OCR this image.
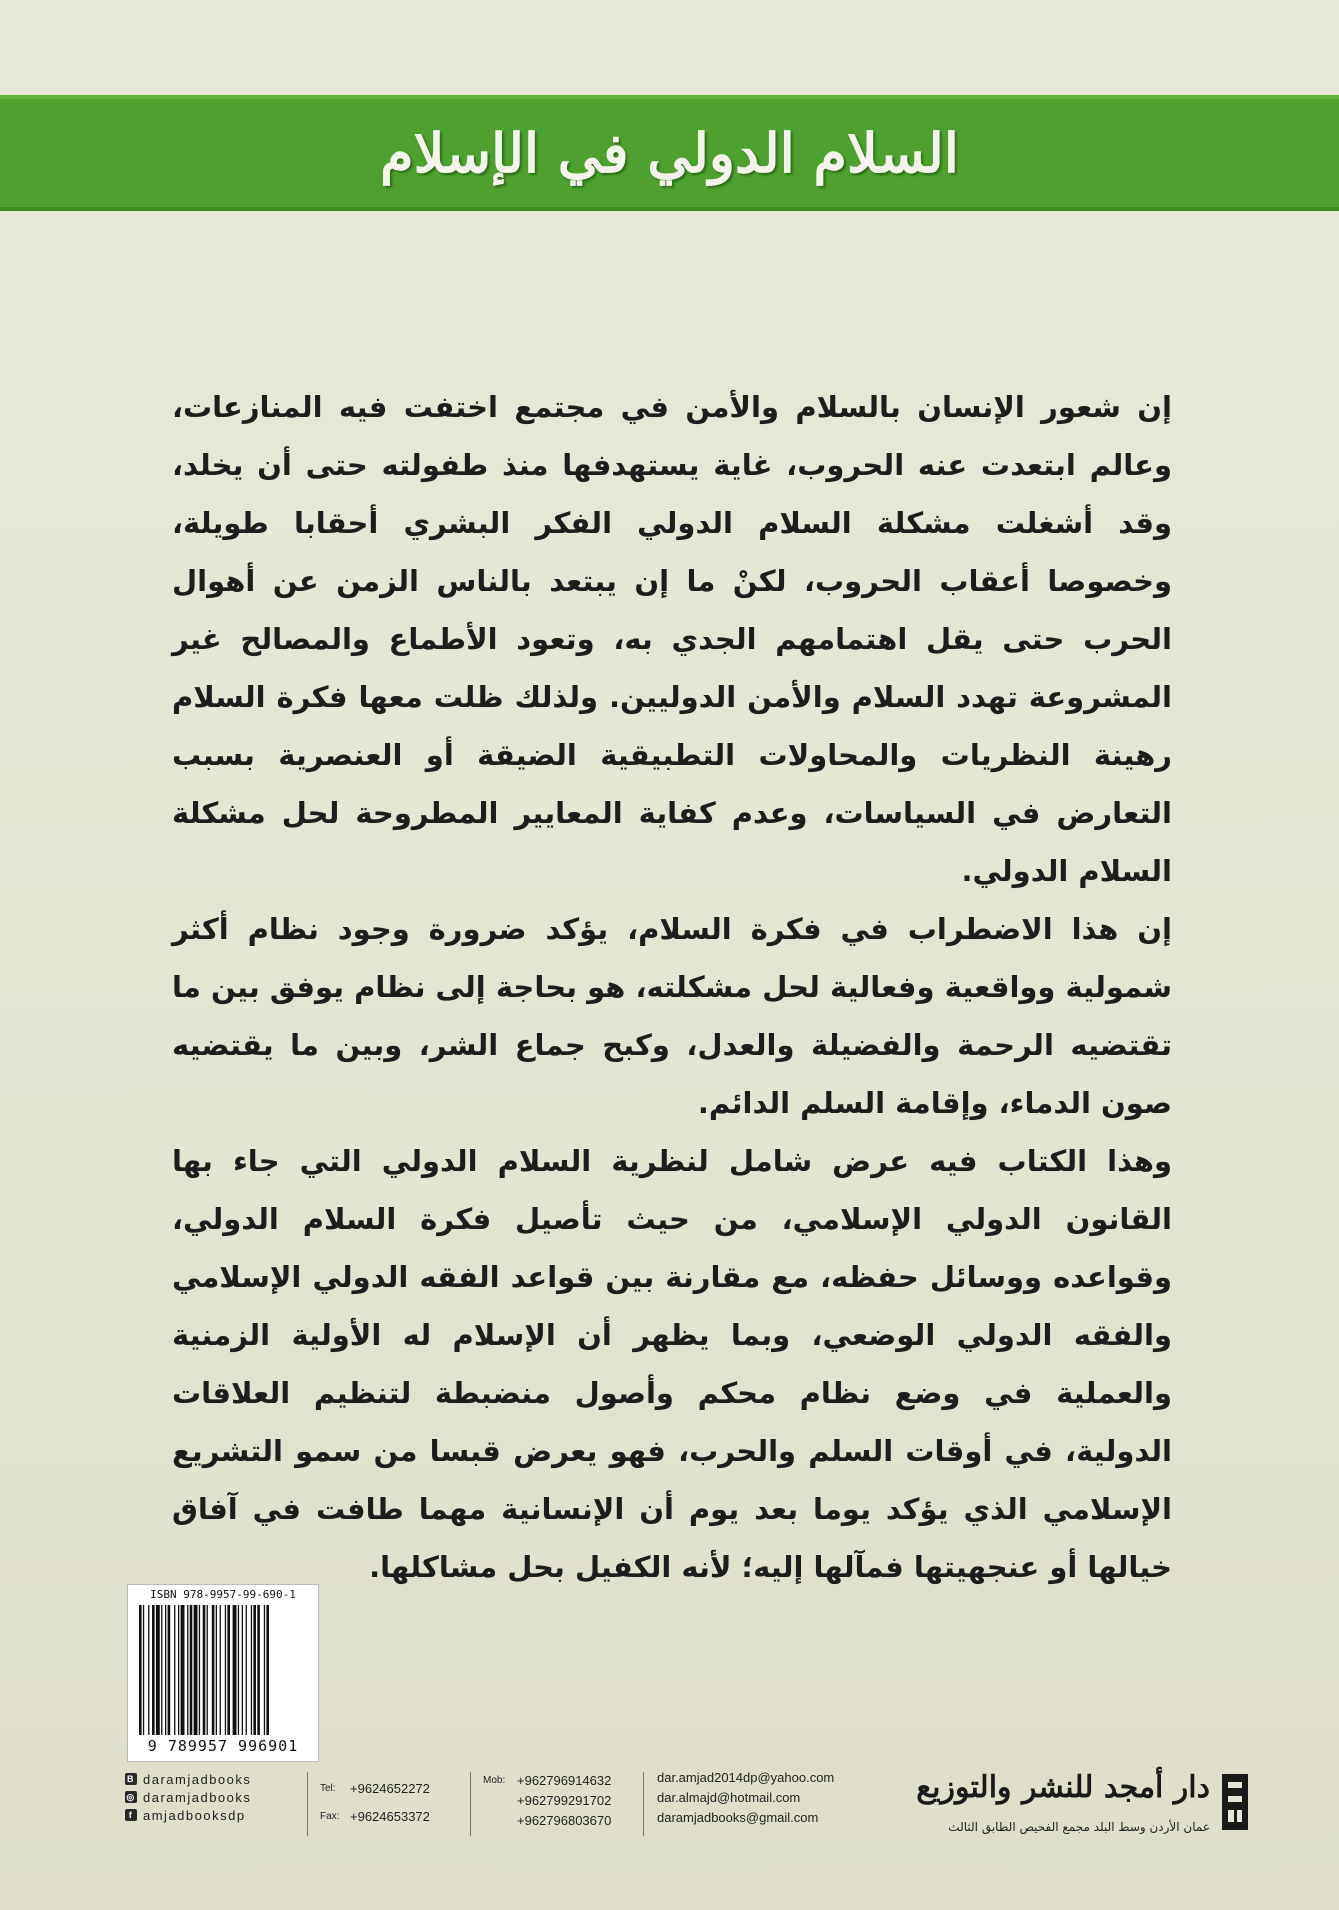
السلام الدولي في الإسلام

إن شعور الإنسان بالسلام والأمن في مجتمع اختفت فيه المنازعات، وعالم ابتعدت عنه الحروب، غاية يستهدفها منذ طفولته حتى أن يخلد، وقد أشغلت مشكلة السلام الدولي الفكر البشري أحقابا طويلة، وخصوصا أعقاب الحروب، لكنْ ما إن يبتعد بالناس الزمن عن أهوال الحرب حتى يقل اهتمامهم الجدي به، وتعود الأطماع والمصالح غير المشروعة تهدد السلام والأمن الدوليين. ولذلك ظلت معها فكرة السلام رهينة النظريات والمحاولات التطبيقية الضيقة أو العنصرية بسبب التعارض في السياسات، وعدم كفاية المعايير المطروحة لحل مشكلة السلام الدولي.

إن هذا الاضطراب في فكرة السلام، يؤكد ضرورة وجود نظام أكثر شمولية وواقعية وفعالية لحل مشكلته، هو بحاجة إلى نظام يوفق بين ما تقتضيه الرحمة والفضيلة والعدل، وكبح جماع الشر، وبين ما يقتضيه صون الدماء، وإقامة السلم الدائم.

وهذا الكتاب فيه عرض شامل لنظرية السلام الدولي التي جاء بها القانون الدولي الإسلامي، من حيث تأصيل فكرة السلام الدولي، وقواعده ووسائل حفظه، مع مقارنة بين قواعد الفقه الدولي الإسلامي والفقه الدولي الوضعي، وبما يظهر أن الإسلام له الأولية الزمنية والعملية في وضع نظام محكم وأصول منضبطة لتنظيم العلاقات الدولية، في أوقات السلم والحرب، فهو يعرض قبسا من سمو التشريع الإسلامي الذي يؤكد يوما بعد يوم أن الإنسانية مهما طافت في آفاق خيالها أو عنجهيتها فمآلها إليه؛ لأنه الكفيل بحل مشاكلها.

ISBN 978-9957-99-690-1
9 789957 996901
B daramjadbooks
◎ daramjadbooks
f amjadbooksdp
Tel:	+9624652272
Fax: +9624653372
Mob: +962796914632
+962799291702
+962796803670
dar.amjad2014dp@yahoo.com
dar.almajd@hotmail.com
daramjadbooks@gmail.com
دار أمجد للنشر والتوزيع
عمان الأردن وسط البلد مجمع الفحيص الطابق الثالث
